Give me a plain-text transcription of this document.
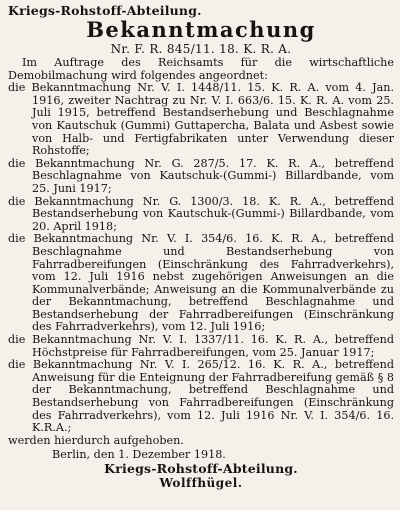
Kriegs-Rohstoff-Abteilung.
Bekanntmachung
Nr. F. R. 845/11. 18. K. R. A.
Im Auftrage des Reichsamts für die wirtschaftliche Demobilmachung wird folgendes angeordnet:

die Bekanntmachung Nr. V. I. 1448/11. 15. K. R. A. vom 4. Jan. 1916, zweiter Nachtrag zu Nr. V. I. 663/6. 15. K. R. A. vom 25. Juli 1915, betreffend Bestandserhebung und Beschlagnahme von Kautschuk (Gummi) Guttapercha, Balata und Asbest sowie von Halb- und Fertigfabrikaten unter Verwendung dieser Rohstoffe;

die Bekanntmachung Nr. G. 287/5. 17. K. R. A., betreffend Beschlagnahme von Kautschuk-(Gummi-) Billardbande, vom 25. Juni 1917;

die Bekanntmachung Nr. G. 1300/3. 18. K. R. A., betreffend Bestandserhebung von Kautschuk-(Gummi-) Billardbande, vom 20. April 1918;

die Bekanntmachung Nr. V. I. 354/6. 16. K. R. A., betreffend Beschlagnahme und Bestandserhebung von Fahrradbereifungen (Einschränkung des Fahrradverkehrs), vom 12. Juli 1916 nebst zugehörigen Anweisungen an die Kommunalverbände; Anweisung an die Kommunalverbände zu der Bekanntmachung, betreffend Beschlagnahme und Bestandserhebung der Fahrradbereifungen (Einschränkung des Fahrradverkehrs), vom 12. Juli 1916;

die Bekanntmachung Nr. V. I. 1337/11. 16. K. R. A., betreffend Höchstpreise für Fahrradbereifungen, vom 25. Januar 1917;

die Bekanntmachung Nr. V. I. 265/12. 16. K. R. A., betreffend Anweisung für die Enteignung der Fahrradbereifung gemäß § 8 der Bekanntmachung, betreffend Beschlagnahme und Bestandserhebung von Fahrradbereifungen (Einschränkung des Fahrradverkehrs), vom 12. Juli 1916 Nr. V. I. 354/6. 16. K.R.A.;

werden hierdurch aufgehoben.

Berlin, den 1. Dezember 1918.
Kriegs-Rohstoff-Abteilung.
Wolffhügel.
